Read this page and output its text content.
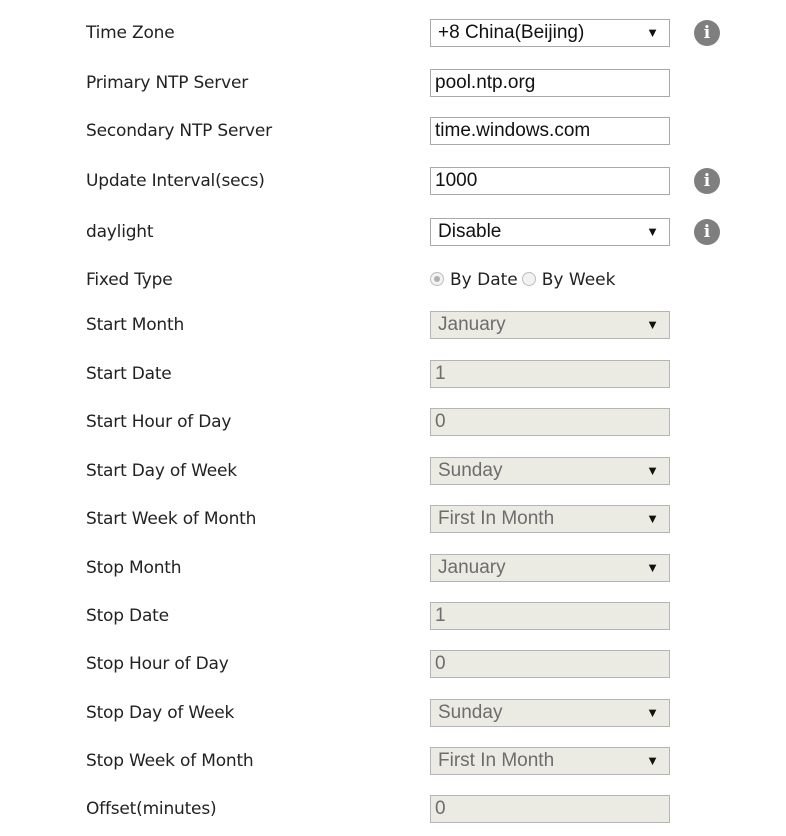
Time Zone	+8 China(Beijing)	▼	i
Primary NTP Server	pool.ntp.org
Secondary NTP Server	time.windows.com
Update Interval(secs)	1000	i
daylight	Disable	▼	i
Fixed Type	By Date By Week
Start Month	January	▼
Start Date	1
Start Hour of Day	0
Start Day of Week	Sunday	▼
Start Week of Month	First In Month	▼
Stop Month	January	▼
Stop Date	1
Stop Hour of Day	0
Stop Day of Week	Sunday	▼
Stop Week of Month	First In Month	▼
Offset(minutes)	0
